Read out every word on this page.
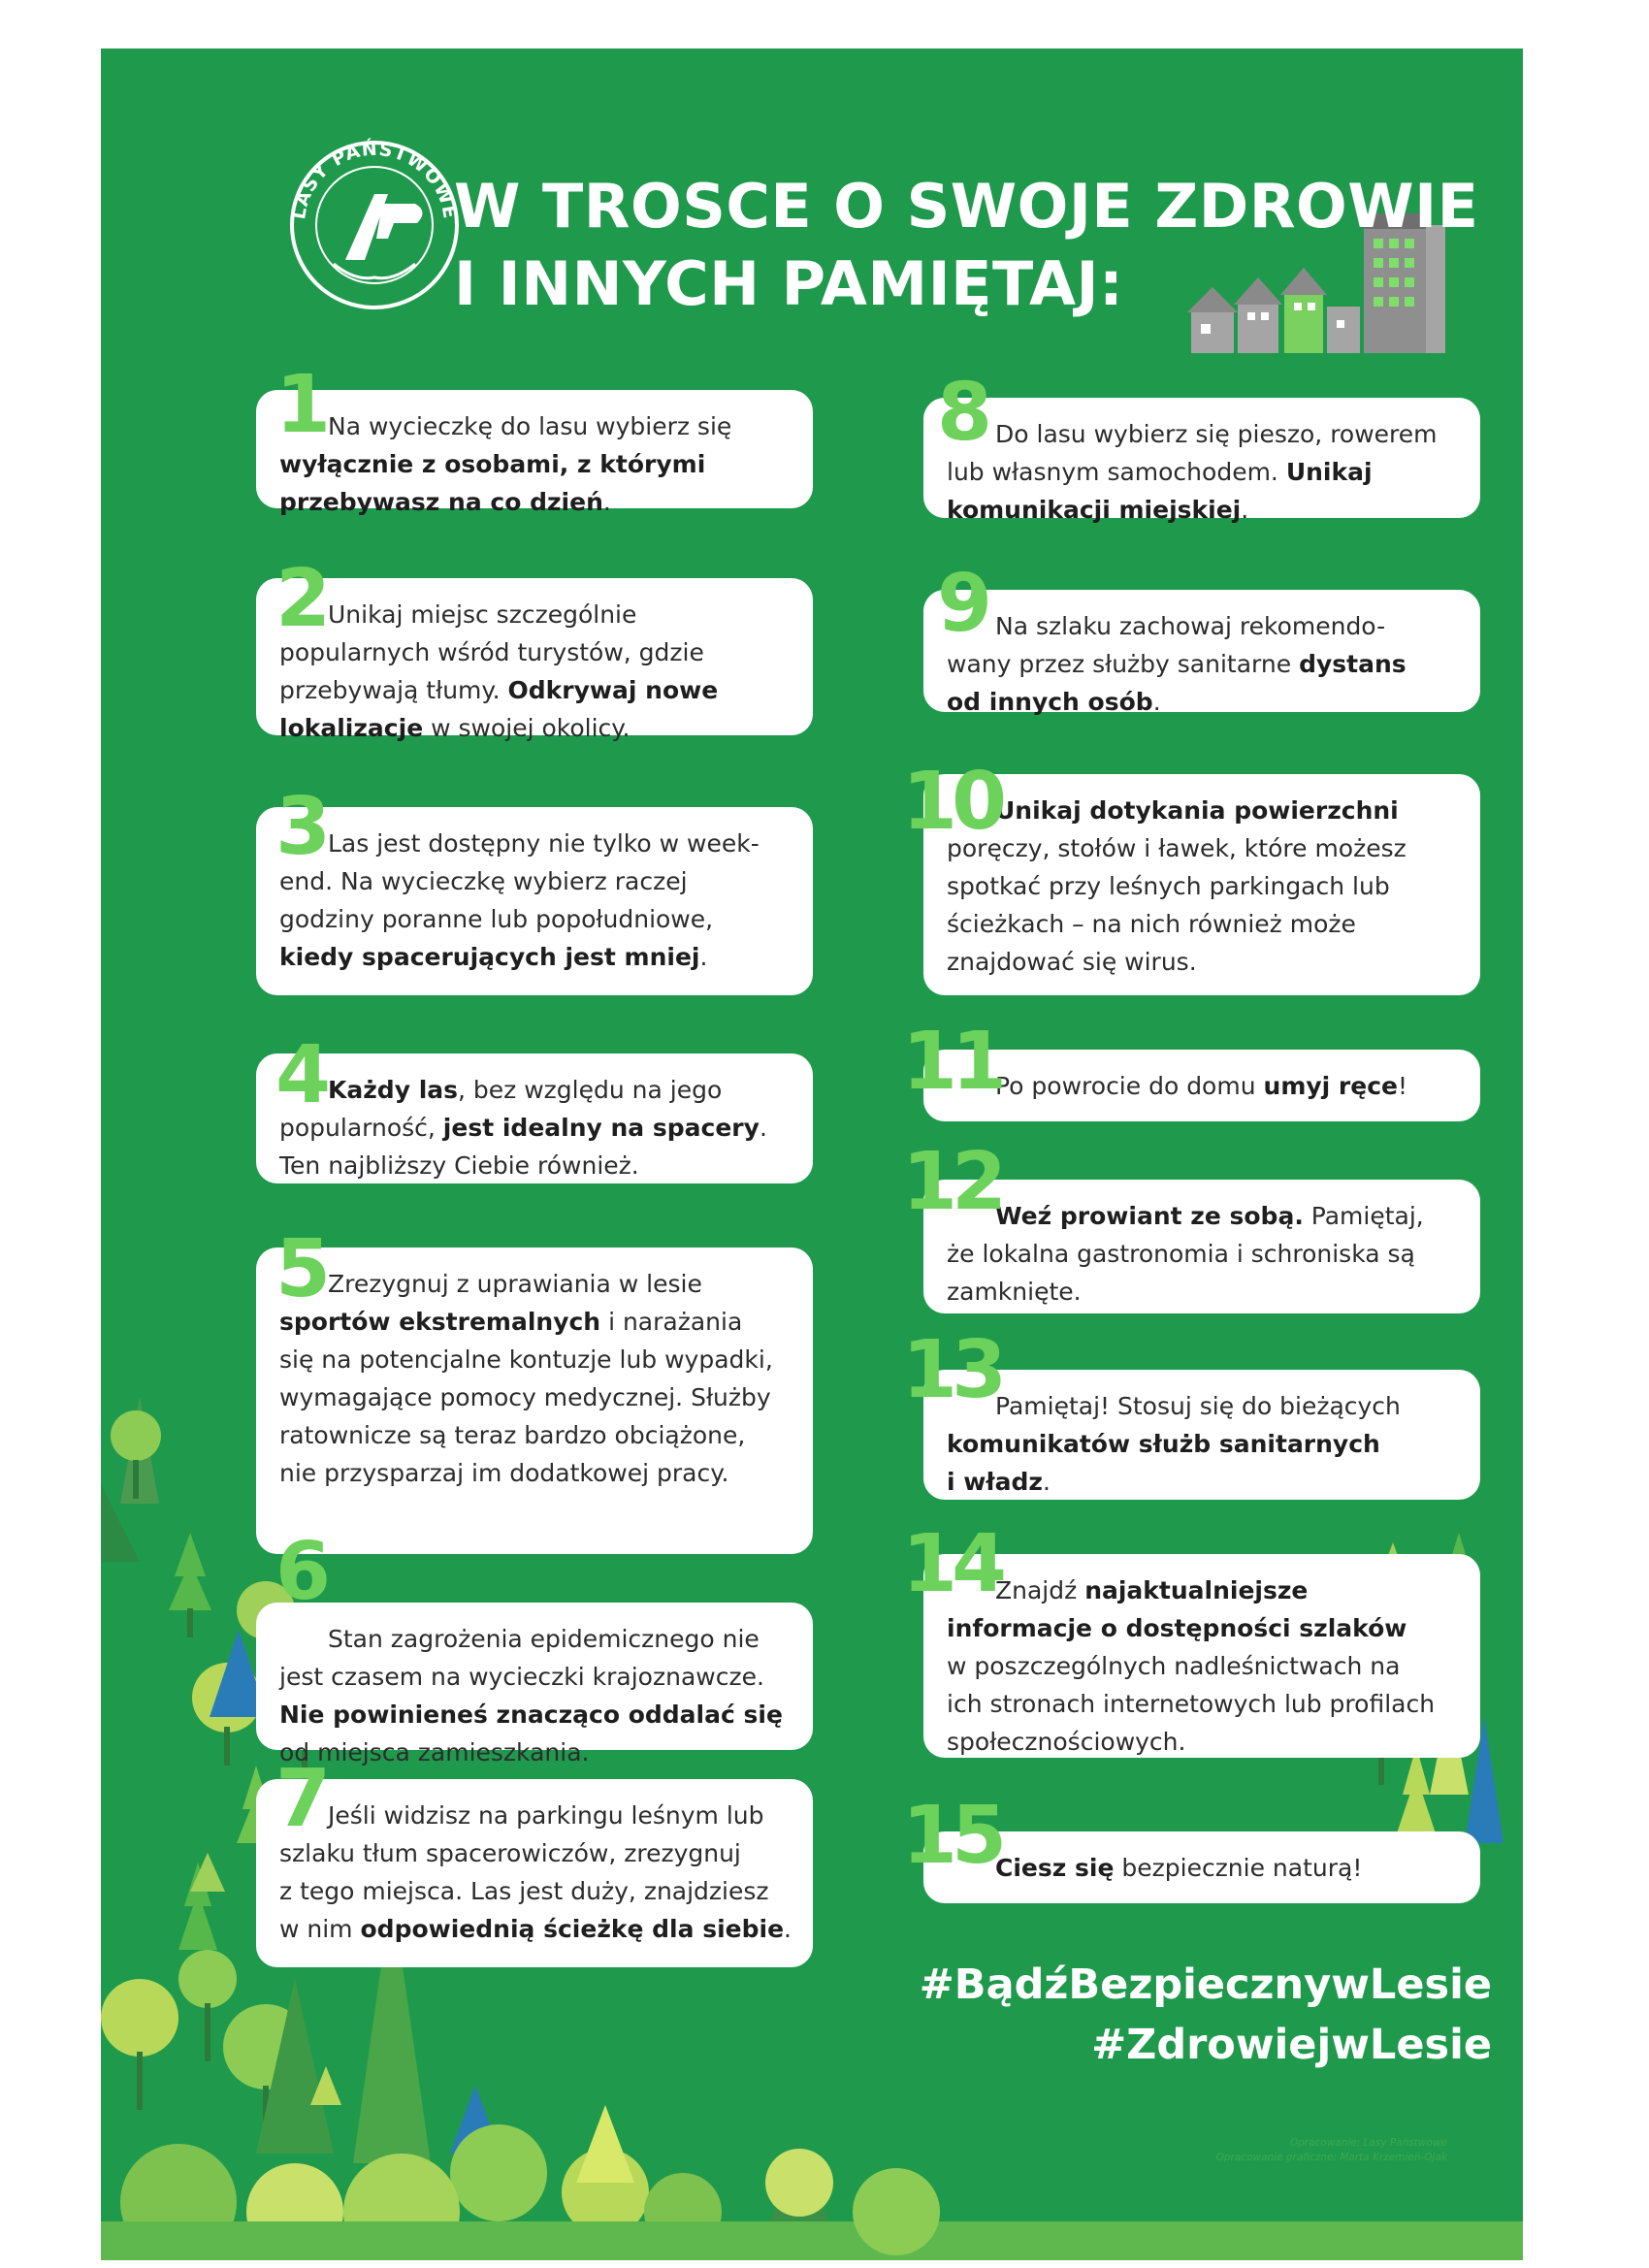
LASY PAŃSTWOWE
W TROSCE O SWOJE ZDROWIE
I INNYCH PAMIĘTAJ:

Na wycieczkę do lasu wybierz się
wyłącznie z osobami, z którymi
przebywasz na co dzień.

1

Unikaj miejsc szczególnie
popularnych wśród turystów, gdzie
przebywają tłumy. Odkrywaj nowe
lokalizacje w swojej okolicy.

2

Las jest dostępny nie tylko w week-
end. Na wycieczkę wybierz raczej
godziny poranne lub popołudniowe,
kiedy spacerujących jest mniej.

3

Każdy las, bez względu na jego
popularność, jest idealny na spacery.
Ten najbliższy Ciebie również.

4

Zrezygnuj z uprawiania w lesie
sportów ekstremalnych i narażania
się na potencjalne kontuzje lub wypadki,
wymagające pomocy medycznej. Służby
ratownicze są teraz bardzo obciążone,
nie przysparzaj im dodatkowej pracy.

5

Stan zagrożenia epidemicznego nie
jest czasem na wycieczki krajoznawcze.
Nie powinieneś znacząco oddalać się
od miejsca zamieszkania.

6

Jeśli widzisz na parkingu leśnym lub
szlaku tłum spacerowiczów, zrezygnuj
z tego miejsca. Las jest duży, znajdziesz
w nim odpowiednią ścieżkę dla siebie.

7

Do lasu wybierz się pieszo, rowerem
lub własnym samochodem. Unikaj
komunikacji miejskiej.

8

Na szlaku zachowaj rekomendo-
wany przez służby sanitarne dystans
od innych osób.

9

Unikaj dotykania powierzchni
poręczy, stołów i ławek, które możesz
spotkać przy leśnych parkingach lub
ścieżkach – na nich również może
znajdować się wirus.

10

Po powrocie do domu umyj ręce!

11

Weź prowiant ze sobą. Pamiętaj,
że lokalna gastronomia i schroniska są
zamknięte.

12

Pamiętaj! Stosuj się do bieżących
komunikatów służb sanitarnych
i władz.

13

Znajdź najaktualniejsze
informacje o dostępności szlaków
w poszczególnych nadleśnictwach na
ich stronach internetowych lub profilach
społecznościowych.

14

Ciesz się bezpiecznie naturą!

15

#BądźBezpiecznywLesie

#ZdrowiejwLesie

Opracowanie: Lasy Państwowe
Opracowanie graficzne: Marta Krzemień-Ojak
